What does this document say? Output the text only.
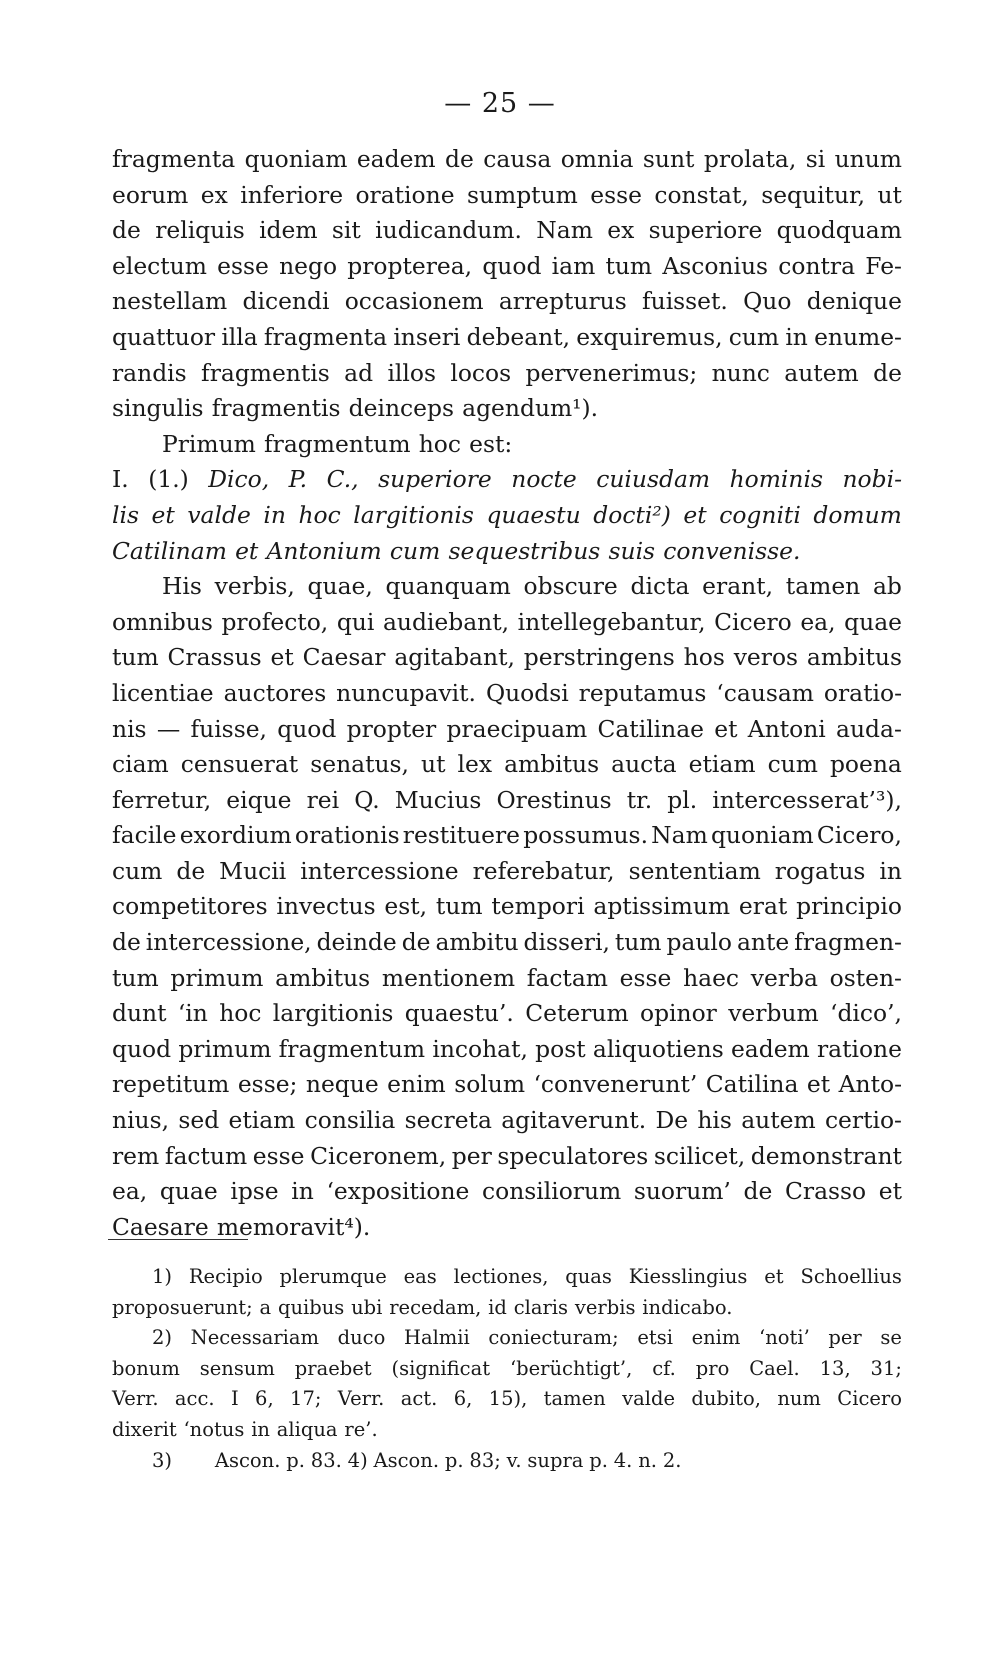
— 25 —
fragmenta quoniam eadem de causa omnia sunt prolata, si unum
eorum ex inferiore oratione sumptum esse constat, sequitur, ut
de reliquis idem sit iudicandum. Nam ex superiore quodquam
electum esse nego propterea, quod iam tum Asconius contra Fe-
nestellam dicendi occasionem arrepturus fuisset. Quo denique
quattuor illa fragmenta inseri debeant, exquiremus, cum in enume-
randis fragmentis ad illos locos pervenerimus; nunc autem de
singulis fragmentis deinceps agendum¹).
Primum fragmentum hoc est:
I. (1.) Dico, P. C., superiore nocte cuiusdam hominis nobi-
lis et valde in hoc largitionis quaestu docti²) et cogniti domum
Catilinam et Antonium cum sequestribus suis convenisse.
His verbis, quae, quanquam obscure dicta erant, tamen ab
omnibus profecto, qui audiebant, intellegebantur, Cicero ea, quae
tum Crassus et Caesar agitabant, perstringens hos veros ambitus
licentiae auctores nuncupavit. Quodsi reputamus ‘causam oratio-
nis — fuisse, quod propter praecipuam Catilinae et Antoni auda-
ciam censuerat senatus, ut lex ambitus aucta etiam cum poena
ferretur, eique rei Q. Mucius Orestinus tr. pl. intercesserat’³),
facile exordium orationis restituere possumus. Nam quoniam Cicero,
cum de Mucii intercessione referebatur, sententiam rogatus in
competitores invectus est, tum tempori aptissimum erat principio
de intercessione, deinde de ambitu disseri, tum paulo ante fragmen-
tum primum ambitus mentionem factam esse haec verba osten-
dunt ‘in hoc largitionis quaestu’. Ceterum opinor verbum ‘dico’,
quod primum fragmentum incohat, post aliquotiens eadem ratione
repetitum esse; neque enim solum ‘convenerunt’ Catilina et Anto-
nius, sed etiam consilia secreta agitaverunt. De his autem certio-
rem factum esse Ciceronem, per speculatores scilicet, demonstrant
ea, quae ipse in ‘expositione consiliorum suorum’ de Crasso et
Caesare memoravit⁴).
1) Recipio plerumque eas lectiones, quas Kiesslingius et Schoellius
proposuerunt; a quibus ubi recedam, id claris verbis indicabo.
2) Necessariam duco Halmii coniecturam; etsi enim ‘noti’ per se
bonum sensum praebet (significat ‘berüchtigt’, cf. pro Cael. 13, 31;
Verr. acc. I 6, 17; Verr. act. 6, 15), tamen valde dubito, num Cicero
dixerit ‘notus in aliqua re’.
3) Ascon. p. 83. 4) Ascon. p. 83; v. supra p. 4. n. 2.
